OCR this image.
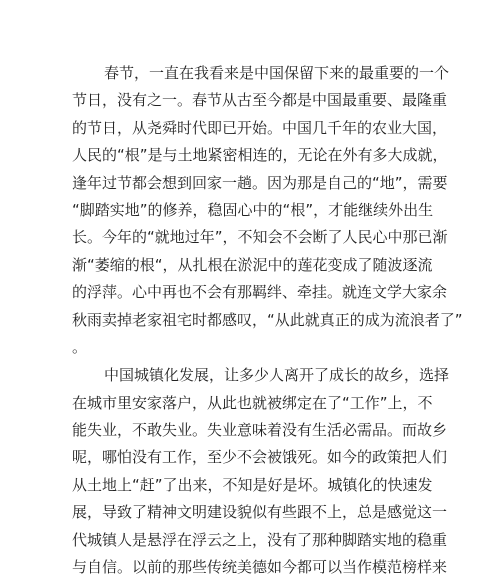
春节，一直在我看来是中国保留下来的最重要的一个
节日，没有之一。春节从古至今都是中国最重要、最隆重
的节日，从尧舜时代即已开始。中国几千年的农业大国，
人民的“根”是与土地紧密相连的，无论在外有多大成就，
逢年过节都会想到回家一趟。因为那是自己的“地”，需要
“脚踏实地”的修养，稳固心中的“根”，才能继续外出生
长。今年的“就地过年”，不知会不会断了人民心中那已渐
渐“萎缩的根“，从扎根在淤泥中的莲花变成了随波逐流
的浮萍。心中再也不会有那羁绊、牵挂。就连文学大家余
秋雨卖掉老家祖宅时都感叹，“从此就真正的成为流浪者了”
。
中国城镇化发展，让多少人离开了成长的故乡，选择
在城市里安家落户，从此也就被绑定在了“工作”上，不
能失业，不敢失业。失业意味着没有生活必需品。而故乡
呢，哪怕没有工作，至少不会被饿死。如今的政策把人们
从土地上“赶”了出来，不知是好是坏。城镇化的快速发
展，导致了精神文明建设貌似有些跟不上，总是感觉这一
代城镇人是悬浮在浮云之上，没有了那种脚踏实地的稳重
与自信。以前的那些传统美德如今都可以当作模范榜样来
